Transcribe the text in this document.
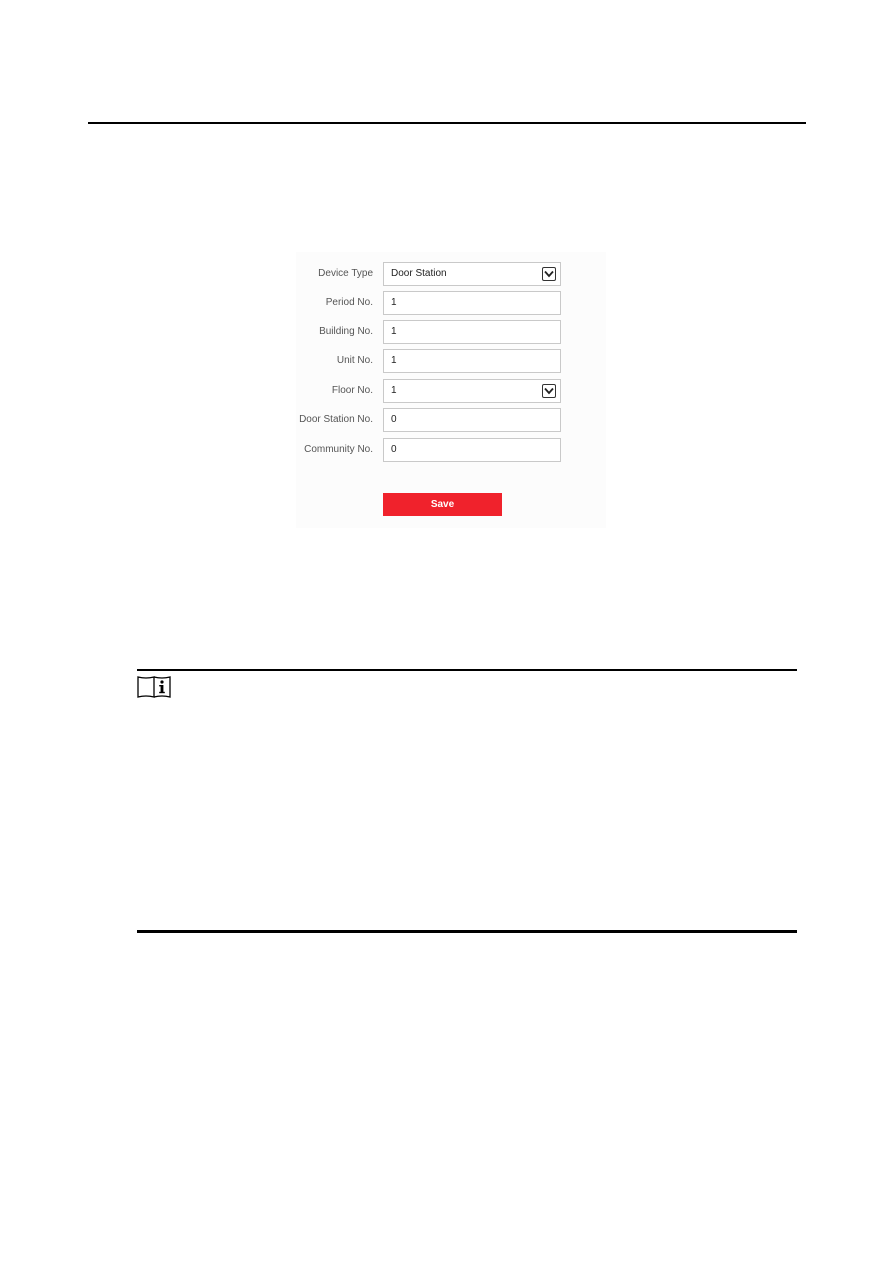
Device Type Door Station
Period No. 1
Building No. 1
Unit No. 1
Floor No. 1
Door Station No. 0
Community No. 0
Save
